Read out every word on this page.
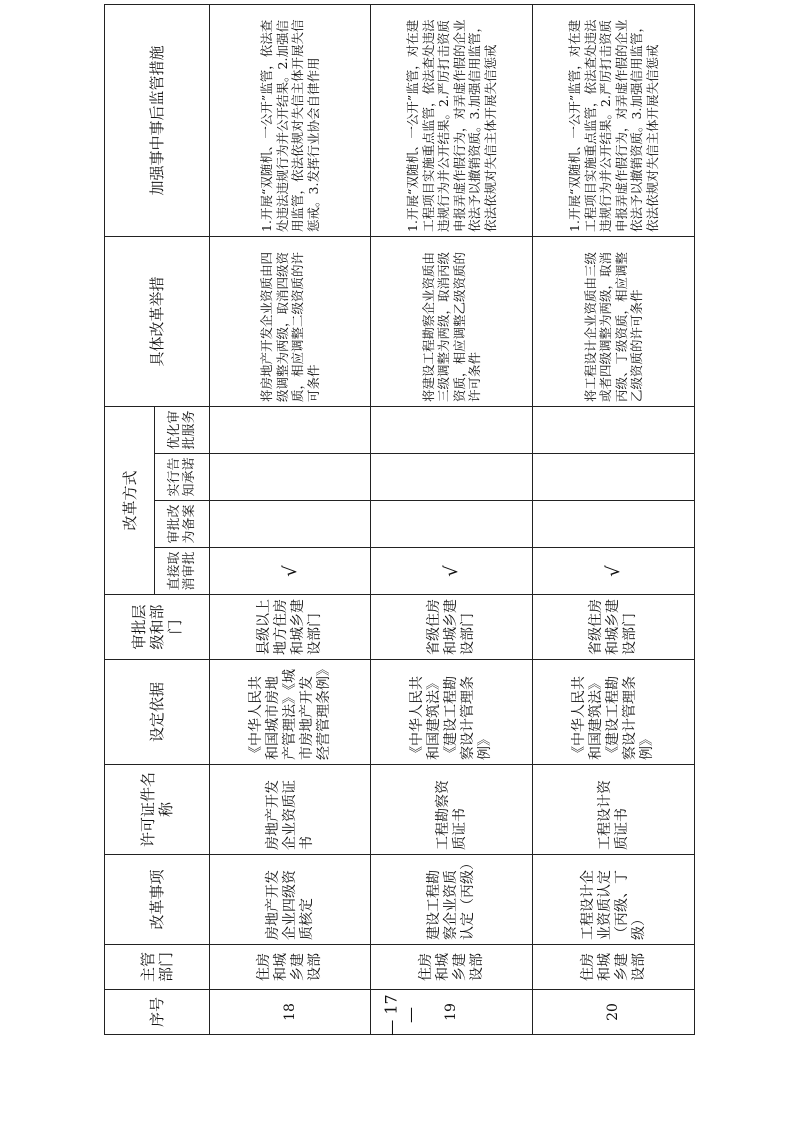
序号	主管部门	改革事项	许可证件名称	设定依据	审批层级和部门	改革方式				具体改革举措	加强事中事后监管措施
						直接取消审批	审批改为备案	实行告知承诺	优化审批服务		
18	住房和城乡建设部	房地产开发企业四级资质核定	房地产开发企业资质证书	《中华人民共和国城市房地产管理法》《城市房地产开发经营管理条例》	县级以上地方住房和城乡建设部门	√				将房地产开发企业资质由四级调整为两级，取消四级资质，相应调整二级资质的许可条件	1.开展“双随机、一公开”监管，依法查处违法违规行为并公开结果。2.加强信用监管，依法依规对失信主体开展失信惩戒。3.发挥行业协会自律作用
19	住房和城乡建设部	建设工程勘察企业资质认定（丙级）	工程勘察资质证书	《中华人民共和国建筑法》《建设工程勘察设计管理条例》	省级住房和城乡建设部门	√				将建设工程勘察企业资质由三级调整为两级，取消丙级资质，相应调整乙级资质的许可条件	1.开展“双随机、一公开”监管，对在建工程项目实施重点监管，依法查处违法违规行为并公开结果。2.严厉打击资质申报弄虚作假行为，对弄虚作假的企业依法予以撤销资质。3.加强信用监管，依法依规对失信主体开展失信惩戒
20	住房和城乡建设部	工程设计企业资质认定（丙级、丁级）	工程设计资质证书	《中华人民共和国建筑法》《建设工程勘察设计管理条例》	省级住房和城乡建设部门	√				将工程设计企业资质由三级或者四级调整为两级，取消丙级、丁级资质，相应调整乙级资质的许可条件	1.开展“双随机、一公开”监管，对在建工程项目实施重点监管，依法查处违法违规行为并公开结果。2.严厉打击资质申报弄虚作假行为，对弄虚作假的企业依法予以撤销资质。3.加强信用监管，依法依规对失信主体开展失信惩戒
— 17 —
